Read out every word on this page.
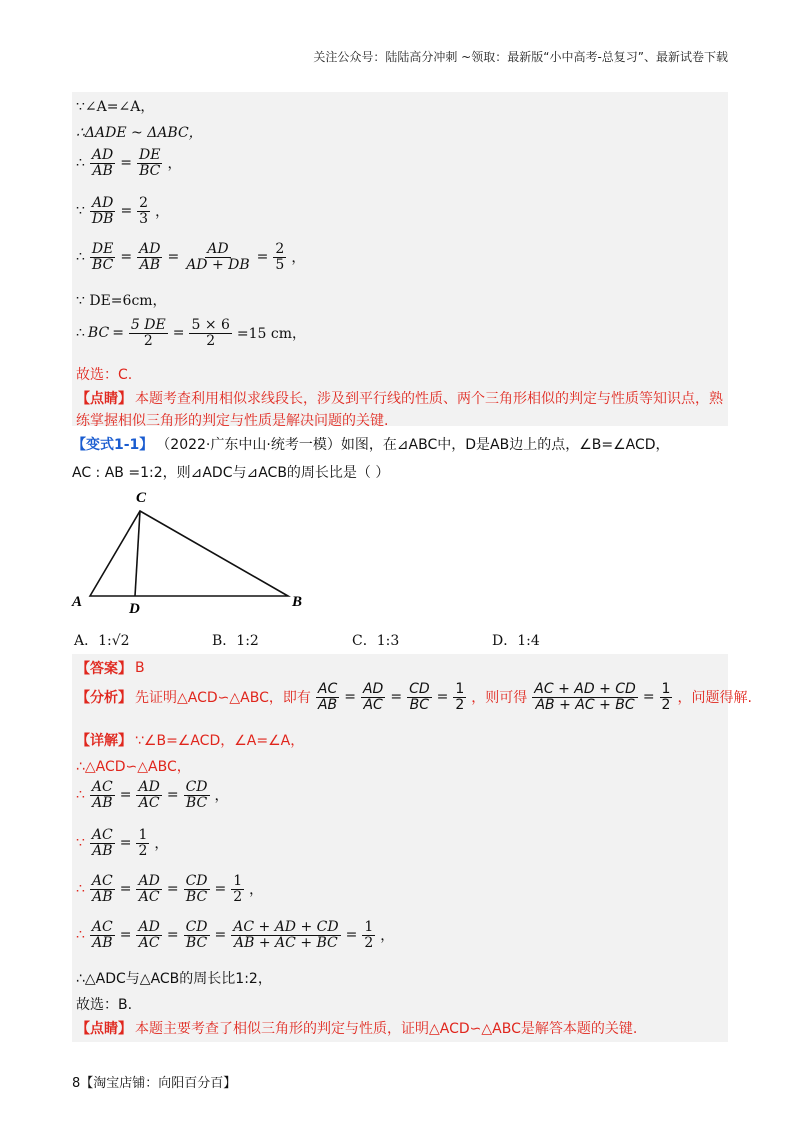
关注公众号：陆陆高分冲刺 ~领取：最新版“小中高考-总复习”、最新试卷下载
∵∠A=∠A，
∴ΔADE ~ ΔABC，
∴ $\frac{AD}{AB} = \frac{DE}{BC}$ ，
∵ $\frac{AD}{DB} = \frac{2}{3}$ ，
∴ $\frac{DE}{BC} = \frac{AD}{AB} = \frac{AD}{AD + DB} = \frac{2}{5}$ ，
∵ DE=6cm，
∴ BC = $\frac{5 DE}{2} = \frac{5 \times 6}{2} =15$ cm，
故选：C.
【点睛】 本题考查利用相似求线段长，涉及到平行线的性质、两个三角形相似的判定与性质等知识点，熟
练掌握相似三角形的判定与性质是解决问题的关键.
【变式1-1】 （2022·广东中山·统考一模）如图，在⊿ABC中，D是AB边上的点，∠B=∠ACD，
AC : AB =1:2，则⊿ADC与⊿ACB的周长比是（ ）
C
A	D	B
A．1:√2	B．1:2	C．1:3	D．1:4
【答案】 B
【分析】 先证明△ACD∽△ABC，即有 $\frac{AC}{AB} = \frac{AD}{AC} = \frac{CD}{BC} = \frac{1}{2}$ ，则可得 $\frac{AC + AD + CD}{AB + AC + BC} = \frac{1}{2}$ ，问题得解.
【详解】 ∵∠B=∠ACD，∠A=∠A，
∴△ACD∽△ABC，
∴ $\frac{AC}{AB} = \frac{AD}{AC} = \frac{CD}{BC}$ ，
∵ $\frac{AC}{AB} = \frac{1}{2}$ ，
∴ $\frac{AC}{AB} = \frac{AD}{AC} = \frac{CD}{BC} = \frac{1}{2}$ ，
∴ $\frac{AC}{AB} = \frac{AD}{AC} = \frac{CD}{BC} = \frac{AC + AD + CD}{AB + AC + BC} = \frac{1}{2}$ ，
∴△ADC与△ACB的周长比1:2，
故选：B.
【点睛】 本题主要考查了相似三角形的判定与性质，证明△ACD∽△ABC是解答本题的关键.
8【淘宝店铺：向阳百分百】
